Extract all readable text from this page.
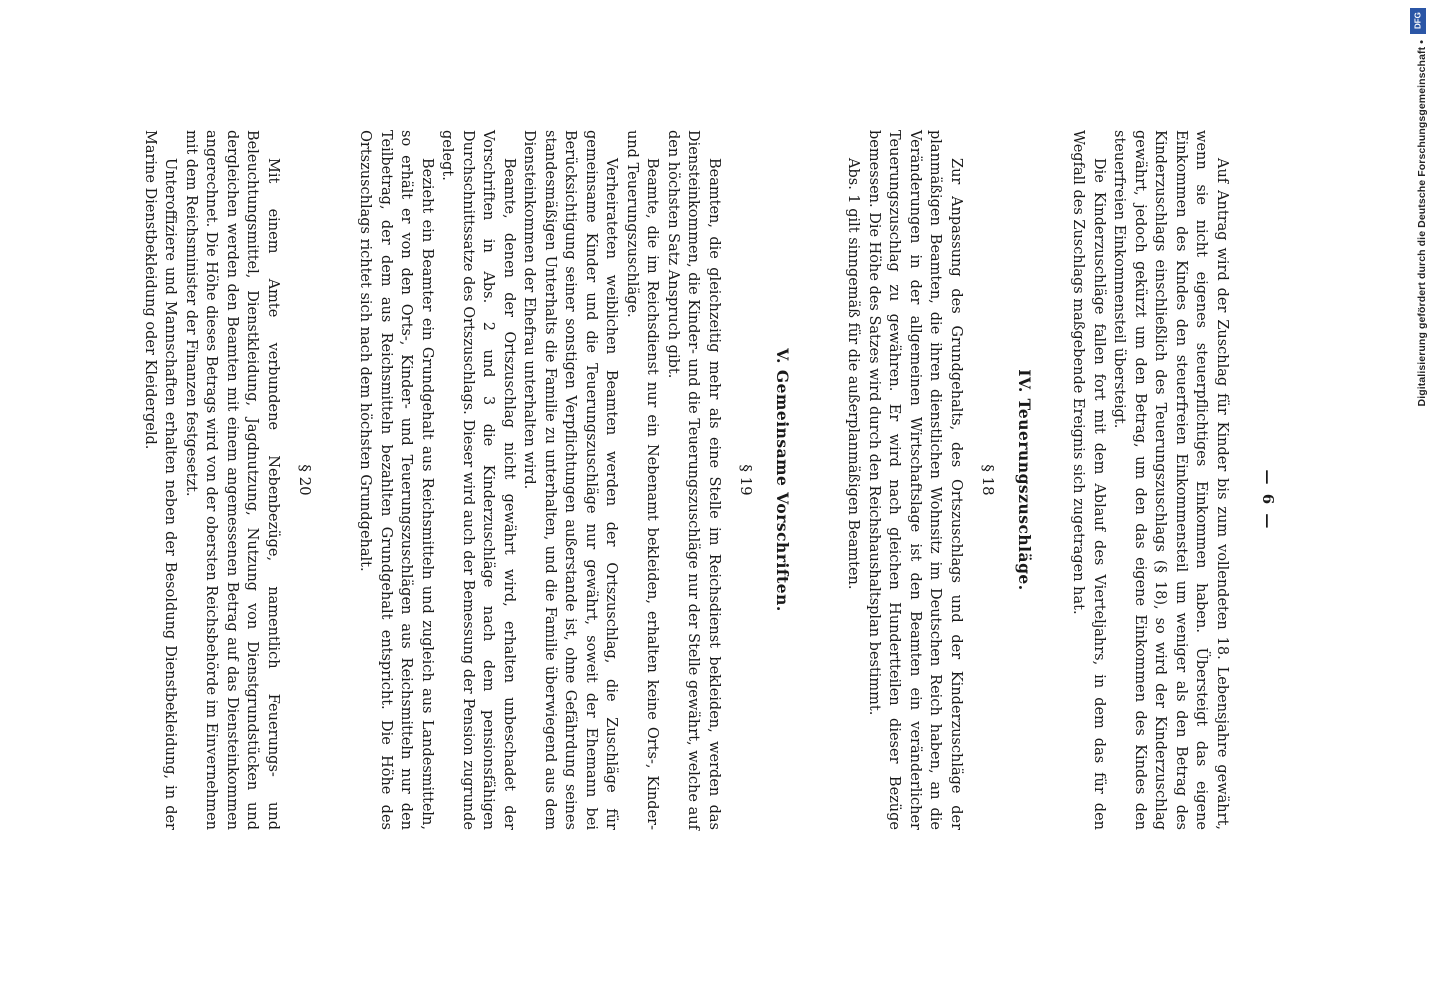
— 6 —

Auf Antrag wird der Zuschlag für Kinder bis zum vollendeten 18. Lebensjahre gewährt, wenn sie nicht eigenes steuerpflichtiges Einkommen haben. Übersteigt das eigene Einkommen des Kindes den steuerfreien Einkommensteil um weniger als den Betrag des Kinderzuschlags einschließlich des Teuerungszuschlags (§ 18), so wird der Kinderzuschlag gewährt, jedoch gekürzt um den Betrag, um den das eigene Einkommen des Kindes den steuerfreien Einkommensteil übersteigt.

Die Kinderzuschläge fallen fort mit dem Ablauf des Vierteljahrs, in dem das für den Wegfall des Zuschlags maßgebende Ereignis sich zugetragen hat.

IV. Teuerungszuschläge.
§ 18

Zur Anpassung des Grundgehalts, des Ortszuschlags und der Kinderzuschläge der planmäßigen Beamten, die ihren dienstlichen Wohnsitz im Deutschen Reich haben, an die Veränderungen in der allgemeinen Wirtschaftslage ist den Beamten ein veränderlicher Teuerungszuschlag zu gewähren. Er wird nach gleichen Hundertteilen dieser Bezüge bemessen. Die Höhe des Satzes wird durch den Reichshaushaltsplan bestimmt.

Abs. 1 gilt sinngemäß für die außerplanmäßigen Beamten.

V. Gemeinsame Vorschriften.
§ 19

Beamten, die gleichzeitig mehr als eine Stelle im Reichsdienst bekleiden, werden das Diensteinkommen, die Kinder- und die Teuerungszuschläge nur der Stelle gewährt, welche auf den höchsten Satz Anspruch gibt.

Beamte, die im Reichsdienst nur ein Nebenamt bekleiden, erhalten keine Orts-, Kinder- und Teuerungszuschläge.

Verheirateten weiblichen Beamten werden der Ortszuschlag, die Zuschläge für gemeinsame Kinder und die Teuerungszuschläge nur gewährt, soweit der Ehemann bei Berücksichtigung seiner sonstigen Verpflichtungen außerstande ist, ohne Gefährdung seines standesmäßigen Unterhalts die Familie zu unterhalten, und die Familie überwiegend aus dem Diensteinkommen der Ehefrau unterhalten wird.

Beamte, denen der Ortszuschlag nicht gewährt wird, erhalten unbeschadet der Vorschriften in Abs. 2 und 3 die Kinderzuschläge nach dem pensionsfähigen Durchschnittssatze des Ortszuschlags. Dieser wird auch der Bemessung der Pension zugrunde gelegt.

Bezieht ein Beamter ein Grundgehalt aus Reichsmitteln und zugleich aus Landesmitteln, so erhält er von den Orts-, Kinder- und Teuerungszuschlägen aus Reichsmitteln nur den Teilbetrag, der dem aus Reichsmitteln bezahlten Grundgehalt entspricht. Die Höhe des Ortszuschlags richtet sich nach dem höchsten Grundgehalt.

§ 20

Mit einem Amte verbundene Nebenbezüge, namentlich Feuerungs- und Beleuchtungsmittel, Dienstkleidung, Jagdnutzung, Nutzung von Dienstgrundstücken und dergleichen werden den Beamten mit einem angemessenen Betrag auf das Diensteinkommen angerechnet. Die Höhe dieses Betrags wird von der obersten Reichsbehörde im Einvernehmen mit dem Reichsminister der Finanzen festgesetzt.

Unteroffiziere und Mannschaften erhalten neben der Besoldung Dienstbekleidung, in der Marine Dienstbekleidung oder Kleidergeld.

DFG
Digitalisierung gefördert durch die Deutsche Forschungsgemeinschaft •
